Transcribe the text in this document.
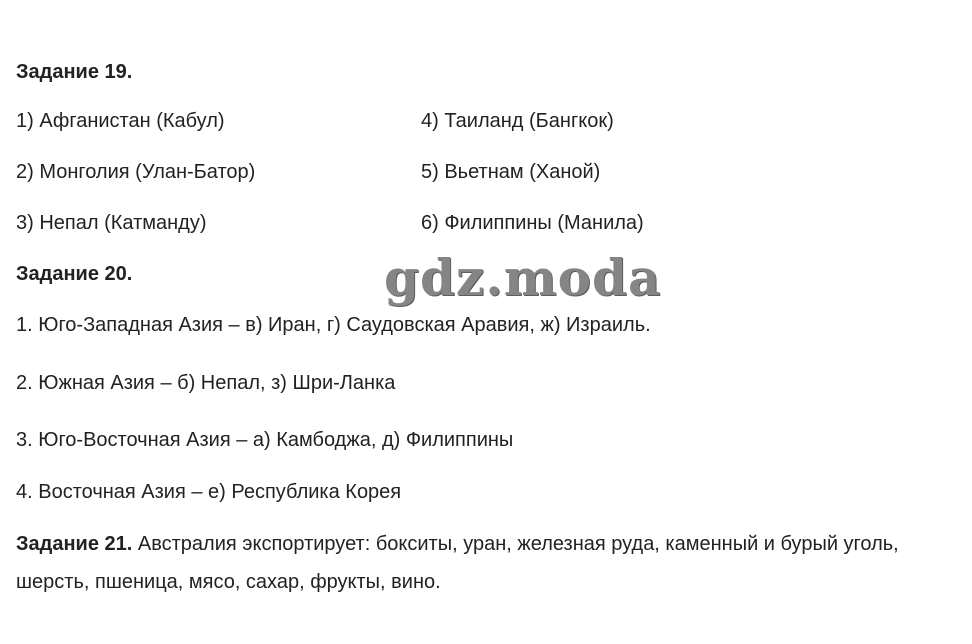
Задание 19.
1) Афганистан (Кабул)	4) Таиланд (Бангкок)
2) Монголия (Улан-Батор)	5) Вьетнам (Ханой)
3) Непал (Катманду)	6) Филиппины (Манила)
Задание 20.	gdz.moda
1. Юго-Западная Азия – в) Иран, г) Саудовская Аравия, ж) Израиль.
2. Южная Азия – б) Непал, з) Шри-Ланка
3. Юго-Восточная Азия – а) Камбоджа, д) Филиппины
4. Восточная Азия – е) Республика Корея
Задание 21. Австралия экспортирует: бокситы, уран, железная руда, каменный и бурый уголь, шерсть, пшеница, мясо, сахар, фрукты, вино.
